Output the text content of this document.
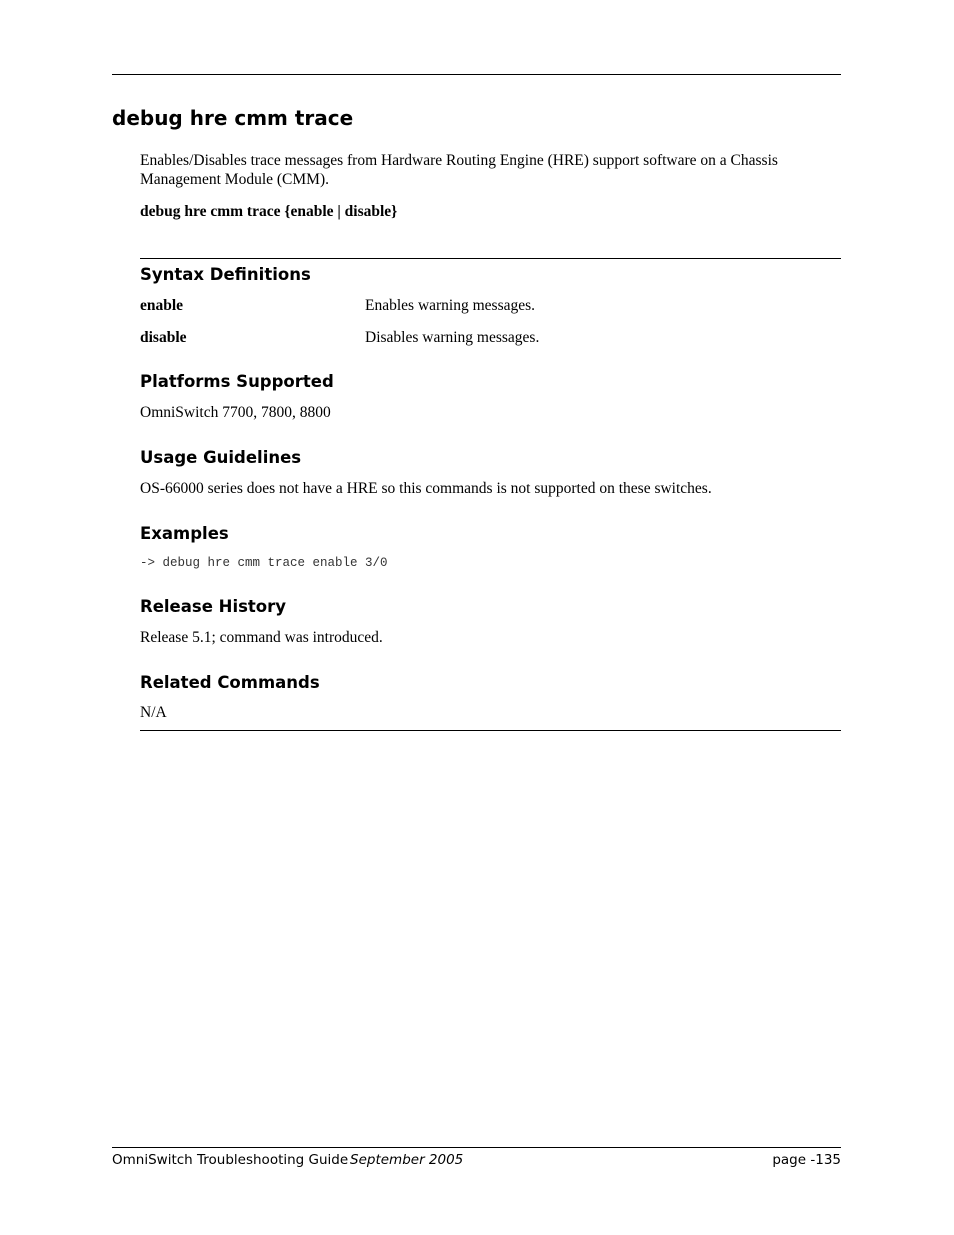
debug hre cmm trace

Enables/Disables trace messages from Hardware Routing Engine (HRE) support software on a Chassis Management Module (CMM).

debug hre cmm trace {enable | disable}
Syntax Definitions
enable	Enables warning messages.
disable	Disables warning messages.
Platforms Supported

OmniSwitch 7700, 7800, 8800

Usage Guidelines

OS-66000 series does not have a HRE so this commands is not supported on these switches.

Examples
-> debug hre cmm trace enable 3/0
Release History

Release 5.1; command was introduced.

Related Commands

N/A

OmniSwitch Troubleshooting Guide September 2005	page -135
